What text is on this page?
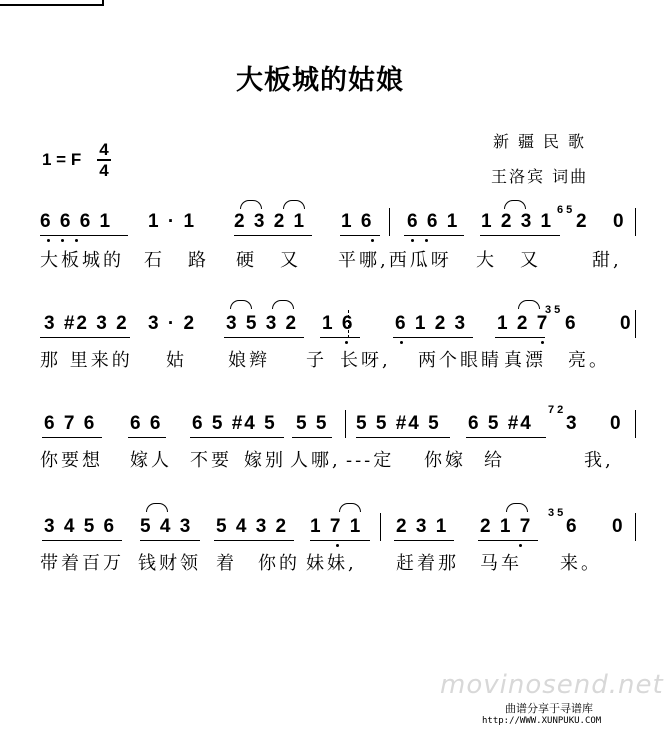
大板城的姑娘
1 = F
4
4
新疆民歌
王洛宾 词曲

6 6 6 1

1 · 1

2 3 2 1

1 6

6 6 1

1 2 3 1

2

0

6 5

大板城的

石

路

硬

又

平哪,西瓜呀

大

又

	甜,

3 #2 3 2

3 · 2

3 5 3 2

1 6

6 1 2 3

1 2 7

6

0

3 5

那 里来的

姑

娘辫

子

长呀,

两个眼睛

真漂

亮。

6 7 6

6 6

6 5 #4 5

5 5

5 5 #4 5

6 5 #4

3

0

7 2

你要想

嫁人

不要

嫁别

人哪,

---定

你嫁

给

	我,

3 4 5 6

5 4 3

5 4 3 2

1 7 1

2 3 1

2 1 7

6

0

3 5

带着百万

钱财领

着

你的

妹妹,

赶着那

马车

来。

movinosend.net
曲谱分享于寻谱库
http://WWW.XUNPUKU.COM
